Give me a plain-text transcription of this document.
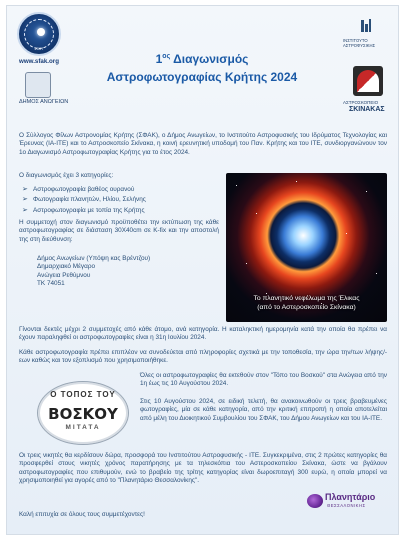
2007
www.sfak.org
ΔΗΜΟΣ ΑΝΩΓΕΙΩΝ
$1^{o\varsigma}$ Διαγωνισμός
Αστροφωτογραφίας Κρήτης 2024
ΙΝΣΤΙΤΟΥΤΟ ΑΣΤΡΟΦΥΣΙΚΗΣ
ΑΣΤΡΟΣΚΟΠΕΙΟ
ΣΚΙΝΑΚΑΣ
Ο Σύλλογος Φίλων Αστρονομίας Κρήτης (ΣΦΑΚ), ο Δήμος Ανωγείων, το Ινστιτούτο Αστροφυσικής του Ιδρύματος Τεχνολογίας και Έρευνας (ΙΑ-ΙΤΕ) και το Αστροσκοπείο Σκίνακα, η κοινή ερευνητική υποδομή του Παν. Κρήτης και του ΙΤΕ, συνδιοργανώνουν τον 1ο Διαγωνισμό Αστροφωτογραφίας Κρήτης για το έτος 2024.
Ο διαγωνισμός έχει 3 κατηγορίες:
➢ Αστροφωτογραφία βαθέος ουρανού
➢ Φωτογραφία πλανητών, Ηλίου, Σελήνης
➢ Αστροφωτογραφία με τοπία της Κρήτης
Η συμμετοχή στον διαγωνισμό προϋποθέτει την εκτύπωση της κάθε αστροφωτογραφίας σε διάσταση 30Χ40cm σε K-fix και την αποστολή της στη διεύθυνση:
Δήμος Ανωγείων (Υπόψη κας Βρέντζου)
Δημαρχιακό Μέγαρο
Ανώγεια Ρεθύμνου
ΤΚ 74051
Το πλανητικό νεφέλωμα της Έλικας
(από το Αστεροσκοπείο Σκίνακα)
Γίνονται δεκτές μέχρι 2 συμμετοχές από κάθε άτομο, ανά κατηγορία. Η καταληκτική ημερομηνία κατά την οποία θα πρέπει να έχουν παραληφθεί οι αστροφωτογραφίες είναι η 31η Ιουλίου 2024.
Κάθε αστροφωτογραφία πρέπει επιπλέον να συνοδεύεται από πληροφορίες σχετικά με την τοποθεσία, την ώρα την/των λήψης/-εων καθώς και τον εξοπλισμό που χρησιμοποιήθηκε.
Ο ΤΟΠΟΣ ΤΟΥ
ΒΟΣΚΟΥ
ΜΙΤΑΤΑ
Όλες οι αστροφωτογραφίες θα εκτεθούν στον "Τόπο του Βοσκού" στα Ανώγεια από την 1η έως τις 10 Αυγούστου 2024.
Στις 10 Αυγούστου 2024, σε ειδική τελετή, θα ανακοινωθούν οι τρεις βραβευμένες φωτογραφίες, μία σε κάθε κατηγορία, από την κριτική επιτροπή η οποία αποτελείται από μέλη του Διοικητικού Συμβουλίου του ΣΦΑΚ, του Δήμου Ανωγείων και του ΙΑ-ΙΤΕ.
Οι τρεις νικητές θα κερδίσουν δώρα, προσφορά του Ινστιτούτου Αστροφυσικής - ΙΤΕ. Συγκεκριμένα, στις 2 πρώτες κατηγορίες θα προσφερθεί στους νικητές χρόνος παρατήρησης με τα τηλεσκόπια του Αστεροσκοπείου Σκίνακα, ώστε να βγάλουν αστροφωτογραφίες που επιθυμούν, ενώ το βραβείο της τρίτης κατηγορίας είναι δωροεπιταγή 300 ευρώ, η οποία μπορεί να χρησιμοποιηθεί για αγορές από το "Πλανητάριο Θεσσαλονίκης".
Πλανητάριο
ΘΕΣΣΑΛΟΝΙΚΗΣ
Καλή επιτυχία σε όλους τους συμμετέχοντες!
